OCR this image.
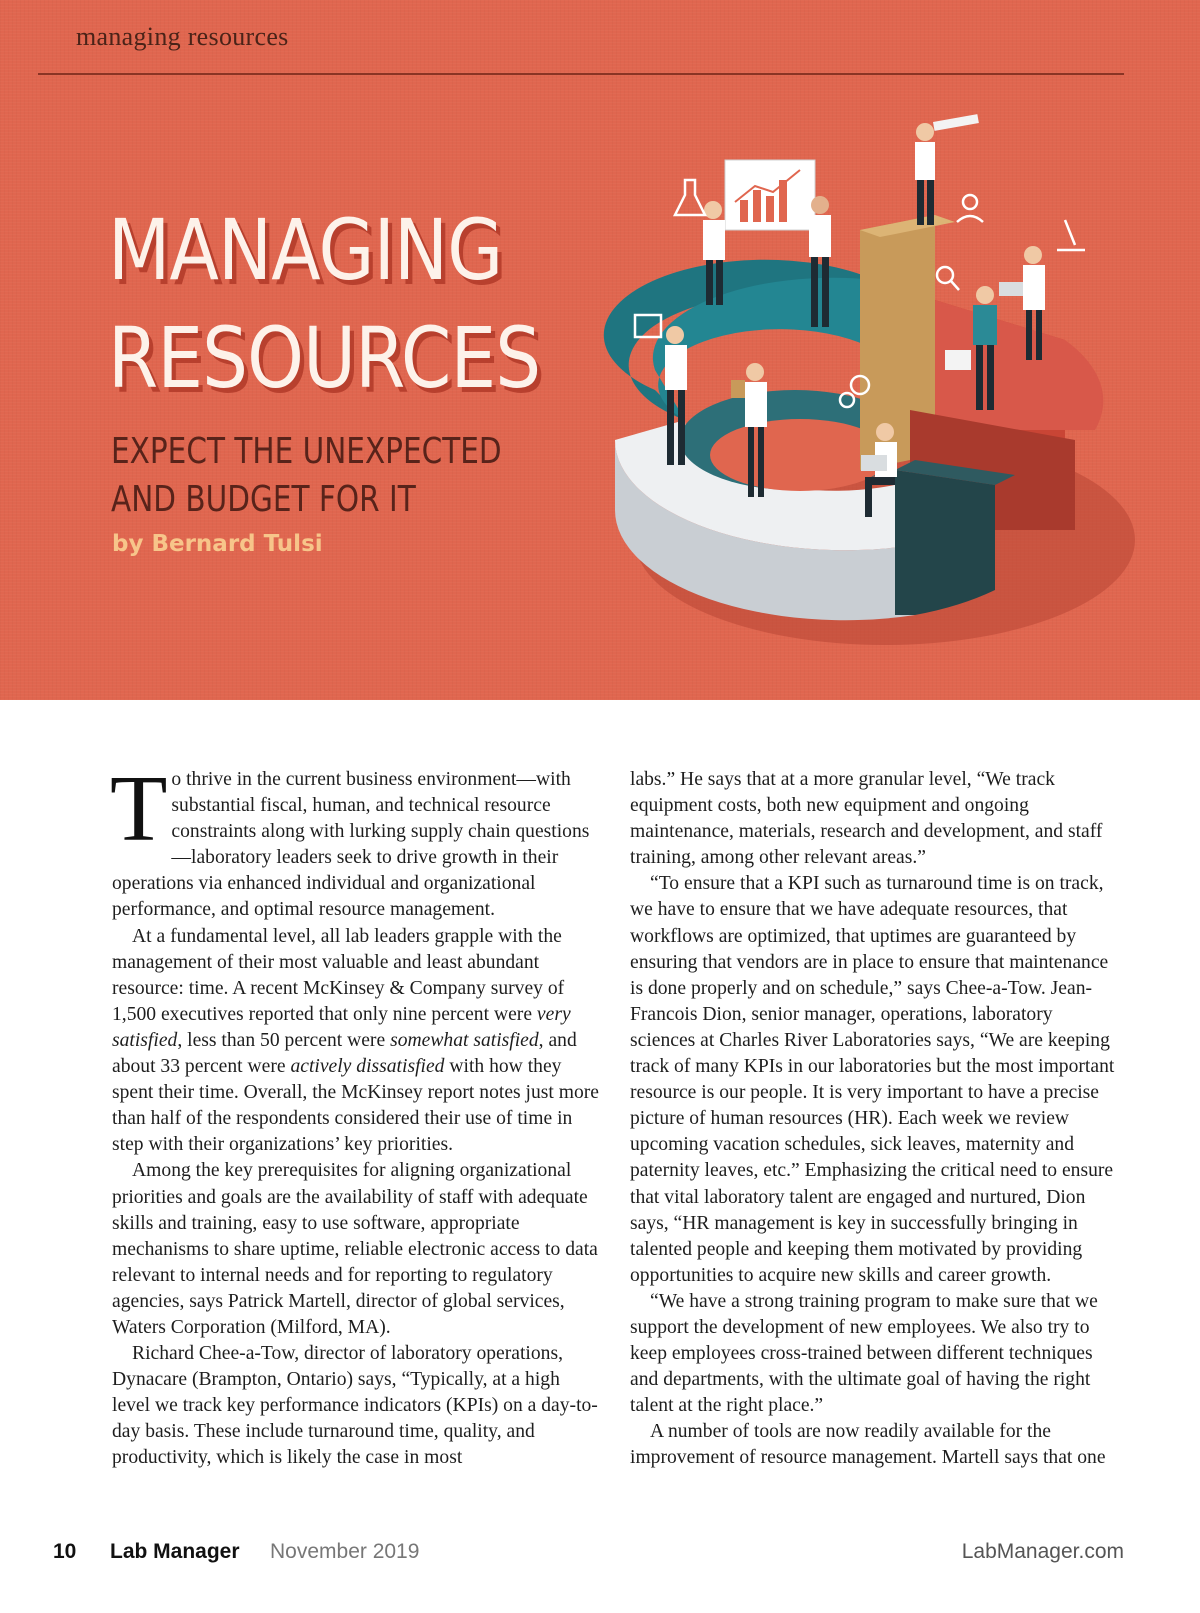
managing resources
MANAGING
RESOURCES
EXPECT THE UNEXPECTED
AND BUDGET FOR IT
by Bernard Tulsi

To thrive in the current business environment—with substantial fiscal, human, and technical resource constraints along with lurking supply chain questions—laboratory leaders seek to drive growth in their operations via enhanced individual and organizational performance, and optimal resource management.

At a fundamental level, all lab leaders grapple with the management of their most valuable and least abundant resource: time. A recent McKinsey & Company survey of 1,500 executives reported that only nine percent were very satisfied, less than 50 percent were somewhat satisfied, and about 33 percent were actively dissatisfied with how they spent their time. Overall, the McKinsey report notes just more than half of the respondents considered their use of time in step with their organizations’ key priorities.

Among the key prerequisites for aligning organizational priorities and goals are the availability of staff with adequate skills and training, easy to use software, appropriate mechanisms to share uptime, reliable electronic access to data relevant to internal needs and for reporting to regulatory agencies, says Patrick Martell, director of global services, Waters Corporation (Milford, MA).

Richard Chee-a-Tow, director of laboratory operations, Dynacare (Brampton, Ontario) says, “Typically, at a high level we track key performance indicators (KPIs) on a day-to-day basis. These include turnaround time, quality, and productivity, which is likely the case in most

labs.” He says that at a more granular level, “We track equipment costs, both new equipment and ongoing maintenance, materials, research and development, and staff training, among other relevant areas.”

“To ensure that a KPI such as turnaround time is on track, we have to ensure that we have adequate resources, that workflows are optimized, that uptimes are guaranteed by ensuring that vendors are in place to ensure that maintenance is done properly and on schedule,” says Chee-a-Tow. Jean-Francois Dion, senior manager, operations, laboratory sciences at Charles River Laboratories says, “We are keeping track of many KPIs in our laboratories but the most important resource is our people. It is very important to have a precise picture of human resources (HR). Each week we review upcoming vacation schedules, sick leaves, maternity and paternity leaves, etc.” Emphasizing the critical need to ensure that vital laboratory talent are engaged and nurtured, Dion says, “HR management is key in successfully bringing in talented people and keeping them motivated by providing opportunities to acquire new skills and career growth.

“We have a strong training program to make sure that we support the development of new employees. We also try to keep employees cross-trained between different techniques and departments, with the ultimate goal of having the right talent at the right place.”

A number of tools are now readily available for the improvement of resource management. Martell says that one

10 Lab Manager November 2019	LabManager.com
